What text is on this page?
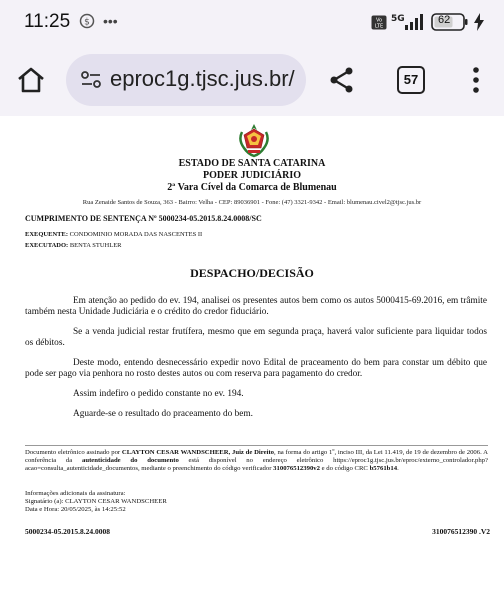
11:25 $ •••	Vo
LTE
5G	62
eproc1g.tjsc.jus.br/	57
ESTADO DE SANTA CATARINA
PODER JUDICIÁRIO
2ª Vara Cível da Comarca de Blumenau
Rua Zenaide Santos de Souza, 363 - Bairro: Velha - CEP: 89036901 - Fone: (47) 3321-9342 - Email: blumenau.civel2@tjsc.jus.br
CUMPRIMENTO DE SENTENÇA Nº 5000234-05.2015.8.24.0008/SC
EXEQUENTE: CONDOMINIO MORADA DAS NASCENTES II
EXECUTADO: BENTA STUHLER
DESPACHO/DECISÃO
Em atenção ao pedido do ev. 194, analisei os presentes autos bem como os autos 5000415-69.2016, em trâmite também nesta Unidade Judiciária e o crédito do credor fiduciário.
Se a venda judicial restar frutífera, mesmo que em segunda praça, haverá valor suficiente para liquidar todos os débitos.
Deste modo, entendo desnecessário expedir novo Edital de praceamento do bem para constar um débito que pode ser pago via penhora no rosto destes autos ou com reserva para pagamento do credor.
Assim indefiro o pedido constante no ev. 194.
Aguarde-se o resultado do praceamento do bem.
Documento eletrônico assinado por CLAYTON CESAR WANDSCHEER, Juiz de Direito, na forma do artigo 1º, inciso III, da Lei 11.419, de 19 de dezembro de 2006. A conferência da autenticidade do documento está disponível no endereço eletrônico https://eproc1g.tjsc.jus.br/eproc/externo_controlador.php?acao=consulta_autenticidade_documentos, mediante o preenchimento do código verificador 310076512390v2 e do código CRC b5761b14.
Informações adicionais da assinatura:
Signatário (a): CLAYTON CESAR WANDSCHEER
Data e Hora: 20/05/2025, às 14:25:52
5000234-05.2015.8.24.0008	310076512390 .V2
